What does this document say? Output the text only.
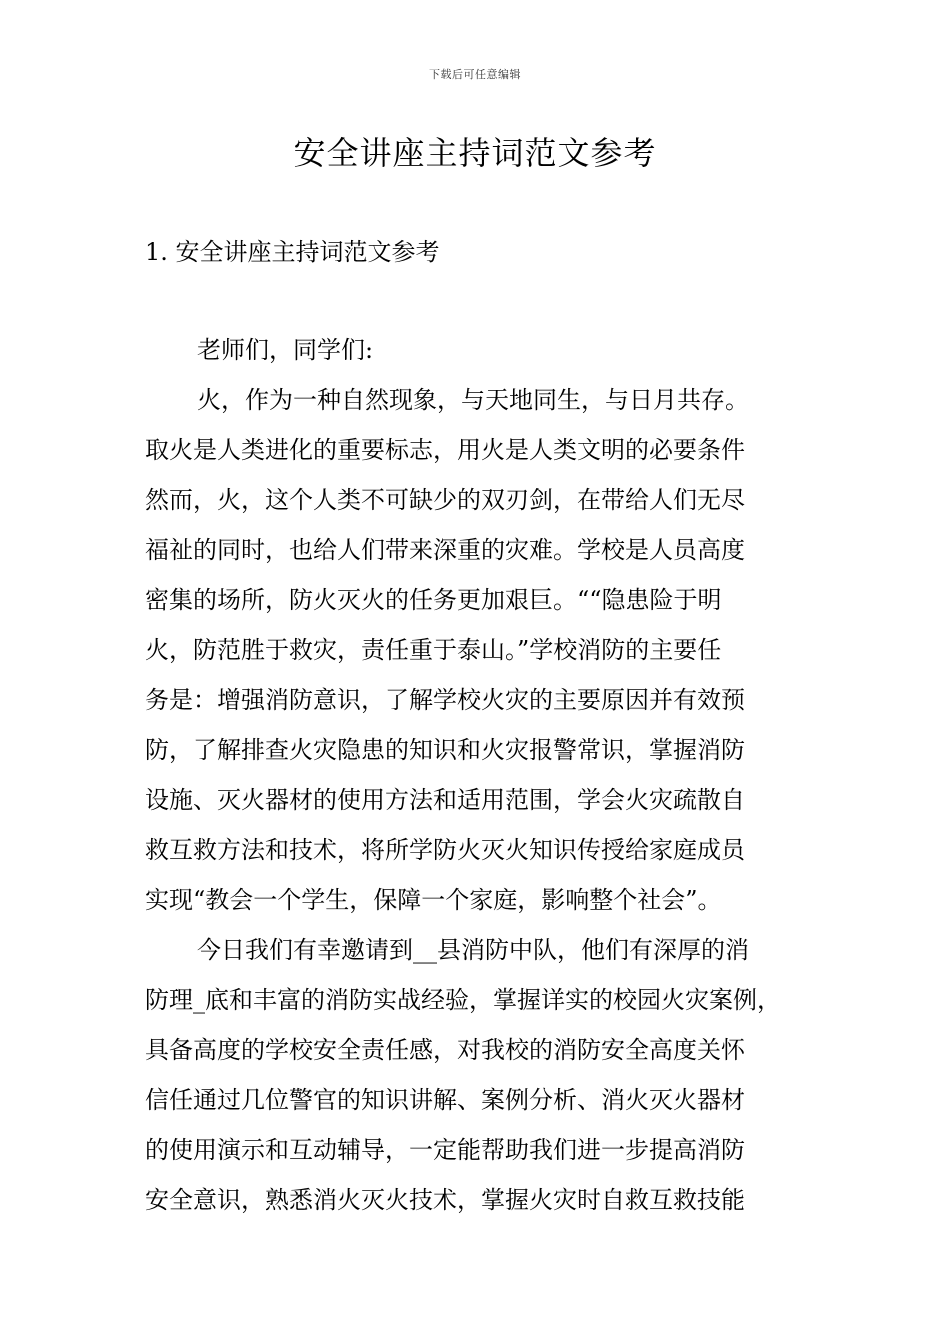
下载后可任意编辑
安全讲座主持词范文参考
1. 安全讲座主持词范文参考
老师们，同学们:
火，作为一种自然现象，与天地同生，与日月共存。
取火是人类进化的重要标志，用火是人类文明的必要条件
然而，火，这个人类不可缺少的双刃剑，在带给人们无尽
福祉的同时，也给人们带来深重的灾难。学校是人员高度
密集的场所，防火灭火的任务更加艰巨。““隐患险于明
火，防范胜于救灾，责任重于泰山。”学校消防的主要任
务是：增强消防意识，了解学校火灾的主要原因并有效预
防，了解排查火灾隐患的知识和火灾报警常识，掌握消防
设施、灭火器材的使用方法和适用范围，学会火灾疏散自
救互救方法和技术，将所学防火灭火知识传授给家庭成员
实现“教会一个学生，保障一个家庭，影响整个社会”。
今日我们有幸邀请到__县消防中队，他们有深厚的消
防理_底和丰富的消防实战经验，掌握详实的校园火灾案例，
具备高度的学校安全责任感，对我校的消防安全高度关怀
信任通过几位警官的知识讲解、案例分析、消火灭火器材
的使用演示和互动辅导，一定能帮助我们进一步提高消防
安全意识，熟悉消火灭火技术，掌握火灾时自救互救技能
